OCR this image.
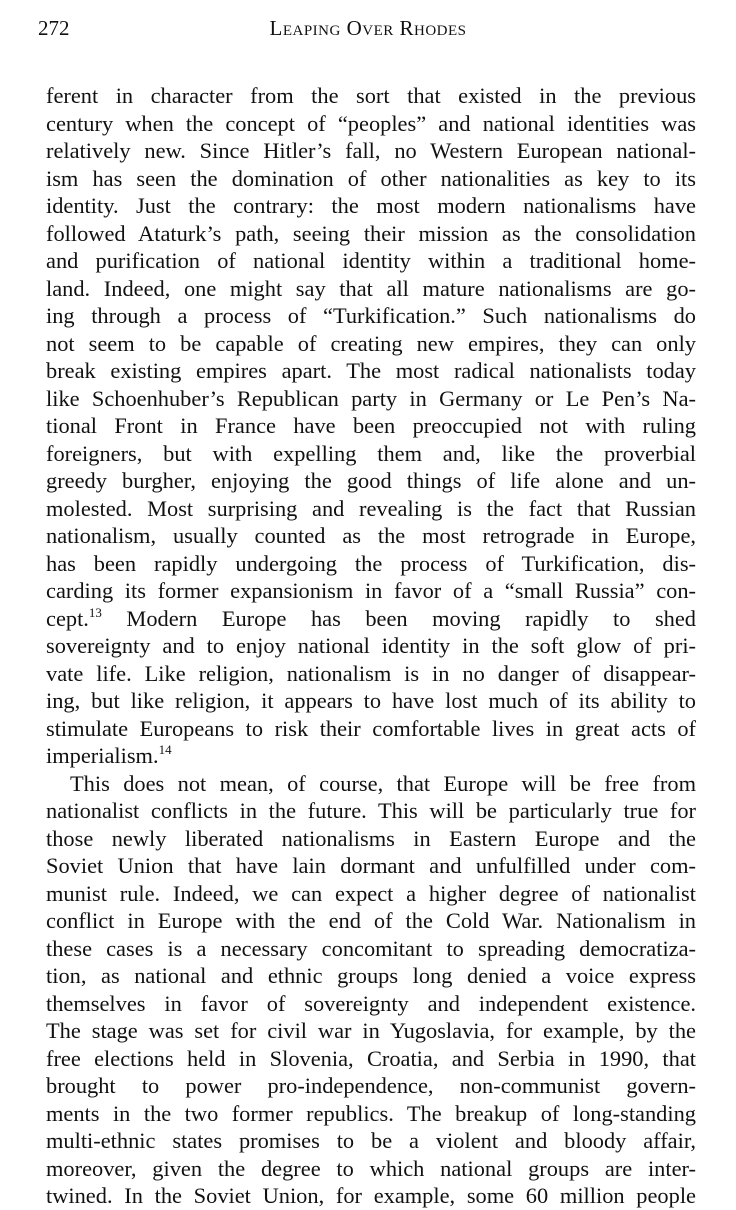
272	Leaping Over Rhodes
ferent in character from the sort that existed in the previous
century when the concept of “peoples” and national identities was
relatively new. Since Hitler’s fall, no Western European national-
ism has seen the domination of other nationalities as key to its
identity. Just the contrary: the most modern nationalisms have
followed Ataturk’s path, seeing their mission as the consolidation
and purification of national identity within a traditional home-
land. Indeed, one might say that all mature nationalisms are go-
ing through a process of “Turkification.” Such nationalisms do
not seem to be capable of creating new empires, they can only
break existing empires apart. The most radical nationalists today
like Schoenhuber’s Republican party in Germany or Le Pen’s Na-
tional Front in France have been preoccupied not with ruling
foreigners, but with expelling them and, like the proverbial
greedy burgher, enjoying the good things of life alone and un-
molested. Most surprising and revealing is the fact that Russian
nationalism, usually counted as the most retrograde in Europe,
has been rapidly undergoing the process of Turkification, dis-
carding its former expansionism in favor of a “small Russia” con-
cept.$^{13}$ Modern Europe has been moving rapidly to shed
sovereignty and to enjoy national identity in the soft glow of pri-
vate life. Like religion, nationalism is in no danger of disappear-
ing, but like religion, it appears to have lost much of its ability to
stimulate Europeans to risk their comfortable lives in great acts of
imperialism.$^{14}$
This does not mean, of course, that Europe will be free from
nationalist conflicts in the future. This will be particularly true for
those newly liberated nationalisms in Eastern Europe and the
Soviet Union that have lain dormant and unfulfilled under com-
munist rule. Indeed, we can expect a higher degree of nationalist
conflict in Europe with the end of the Cold War. Nationalism in
these cases is a necessary concomitant to spreading democratiza-
tion, as national and ethnic groups long denied a voice express
themselves in favor of sovereignty and independent existence.
The stage was set for civil war in Yugoslavia, for example, by the
free elections held in Slovenia, Croatia, and Serbia in 1990, that
brought to power pro-independence, non-communist govern-
ments in the two former republics. The breakup of long-standing
multi-ethnic states promises to be a violent and bloody affair,
moreover, given the degree to which national groups are inter-
twined. In the Soviet Union, for example, some 60 million people
